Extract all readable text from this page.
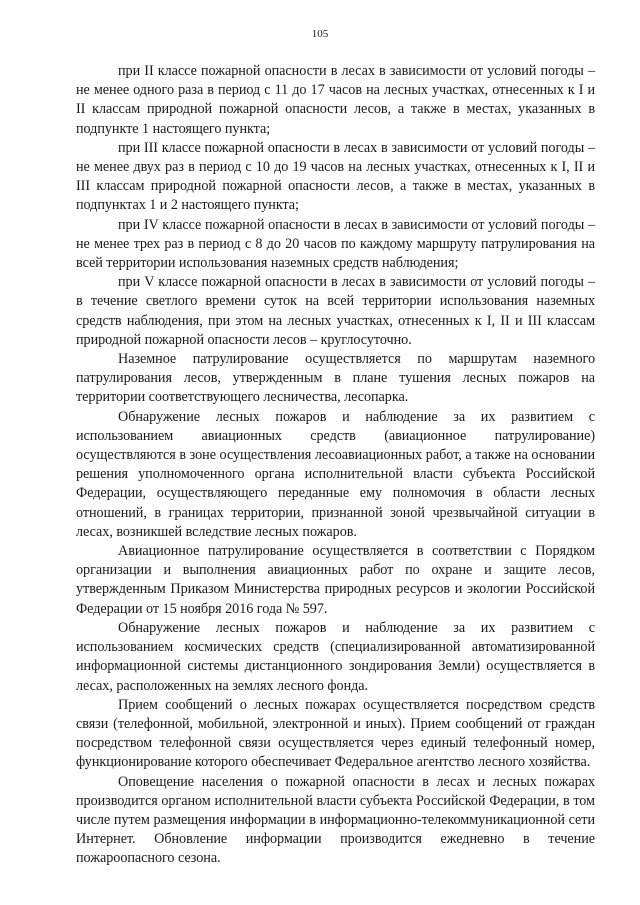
105

при II классе пожарной опасности в лесах в зависимости от условий погоды – не менее одного раза в период с 11 до 17 часов на лесных участках, отнесенных к I и II классам природной пожарной опасности лесов, а также в местах, указанных в подпункте 1 настоящего пункта;

при III классе пожарной опасности в лесах в зависимости от условий погоды – не менее двух раз в период с 10 до 19 часов на лесных участках, отнесенных к I, II и III классам природной пожарной опасности лесов, а также в местах, указанных в подпунктах 1 и 2 настоящего пункта;

при IV классе пожарной опасности в лесах в зависимости от условий погоды – не менее трех раз в период с 8 до 20 часов по каждому маршруту патрулирования на всей территории использования наземных средств наблюдения;

при V классе пожарной опасности в лесах в зависимости от условий погоды – в течение светлого времени суток на всей территории использования наземных средств наблюдения, при этом на лесных участках, отнесенных к I, II и III классам природной пожарной опасности лесов – круглосуточно.

Наземное патрулирование осуществляется по маршрутам наземного патрулирования лесов, утвержденным в плане тушения лесных пожаров на территории соответствующего лесничества, лесопарка.

Обнаружение лесных пожаров и наблюдение за их развитием с использованием авиационных средств (авиационное патрулирование) осуществляются в зоне осуществления лесоавиационных работ, а также на основании решения уполномоченного органа исполнительной власти субъекта Российской Федерации, осуществляющего переданные ему полномочия в области лесных отношений, в границах территории, признанной зоной чрезвычайной ситуации в лесах, возникшей вследствие лесных пожаров.

Авиационное патрулирование осуществляется в соответствии с Порядком организации и выполнения авиационных работ по охране и защите лесов, утвержденным Приказом Министерства природных ресурсов и экологии Российской Федерации от 15 ноября 2016 года № 597.

Обнаружение лесных пожаров и наблюдение за их развитием с использованием космических средств (специализированной автоматизированной информационной системы дистанционного зондирования Земли) осуществляется в лесах, расположенных на землях лесного фонда.

Прием сообщений о лесных пожарах осуществляется посредством средств связи (телефонной, мобильной, электронной и иных). Прием сообщений от граждан посредством телефонной связи осуществляется через единый телефонный номер, функционирование которого обеспечивает Федеральное агентство лесного хозяйства.

Оповещение населения о пожарной опасности в лесах и лесных пожарах производится органом исполнительной власти субъекта Российской Федерации, в том числе путем размещения информации в информационно-телекоммуникационной сети Интернет. Обновление информации производится ежедневно в течение пожароопасного сезона.
